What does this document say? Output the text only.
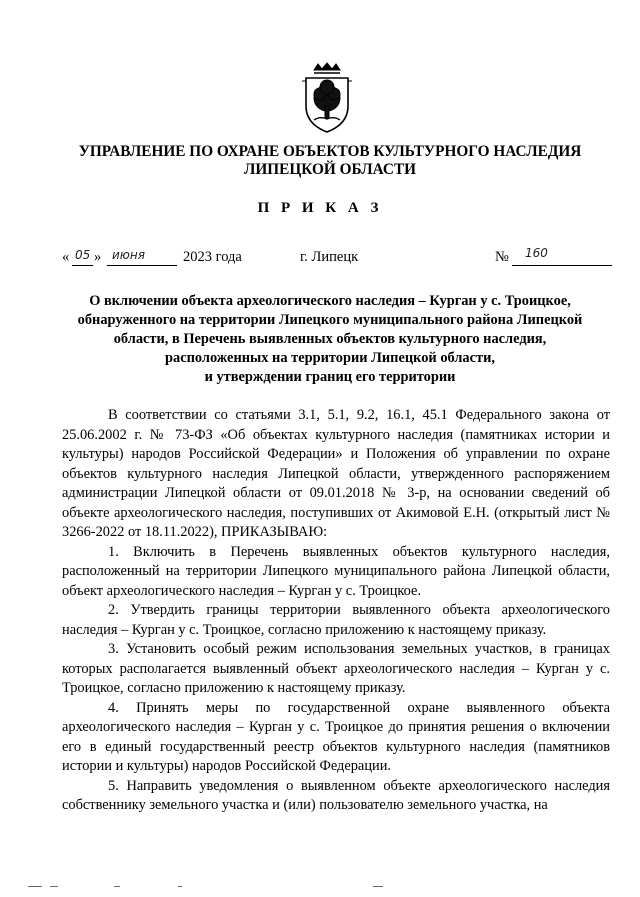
УПРАВЛЕНИЕ ПО ОХРАНЕ ОБЪЕКТОВ КУЛЬТУРНОГО НАСЛЕДИЯ
ЛИПЕЦКОЙ ОБЛАСТИ
П Р И К А З
« 05 » июня	2023 года	г. Липецк	№ 160
О включении объекта археологического наследия – Курган у с. Троицкое,
обнаруженного на территории Липецкого муниципального района Липецкой
области, в Перечень выявленных объектов культурного наследия,
расположенных на территории Липецкой области,
и утверждении границ его территории

В соответствии со статьями 3.1, 5.1, 9.2, 16.1, 45.1 Федерального закона от 25.06.2002 г. № 73-ФЗ «Об объектах культурного наследия (памятниках истории и культуры) народов Российской Федерации» и Положения об управлении по охране объектов культурного наследия Липецкой области, утвержденного распоряжением администрации Липецкой области от 09.01.2018 № 3-р, на основании сведений об объекте археологического наследия, поступивших от Акимовой Е.Н. (открытый лист № 3266-2022 от 18.11.2022), ПРИКАЗЫВАЮ:

1. Включить в Перечень выявленных объектов культурного наследия, расположенный на территории Липецкого муниципального района Липецкой области, объект археологического наследия – Курган у с. Троицкое.

2. Утвердить границы территории выявленного объекта археологического наследия – Курган у с. Троицкое, согласно приложению к настоящему приказу.

3. Установить особый режим использования земельных участков, в границах которых располагается выявленный объект археологического наследия – Курган у с. Троицкое, согласно приложению к настоящему приказу.

4. Принять меры по государственной охране выявленного объекта археологического наследия – Курган у с. Троицкое до принятия решения о включении его в единый государственный реестр объектов культурного наследия (памятников истории и культуры) народов Российской Федерации.

5. Направить уведомления о выявленном объекте археологического наследия собственнику земельного участка и (или) пользователю земельного участка, на
